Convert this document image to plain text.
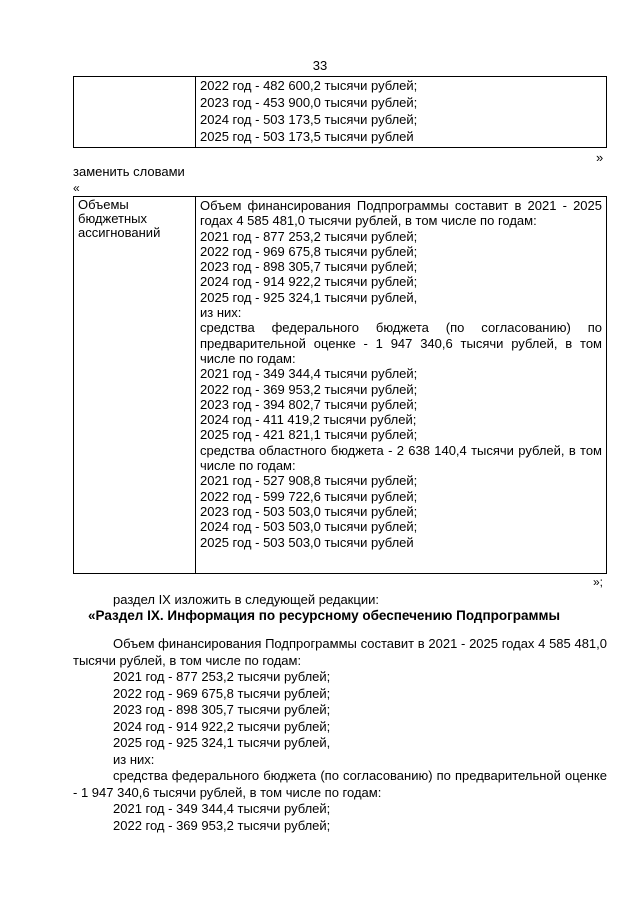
33
2022 год - 482 600,2 тысячи рублей;
2023 год - 453 900,0 тысячи рублей;
2024 год - 503 173,5 тысячи рублей;
2025 год - 503 173,5 тысячи рублей
»
заменить словами
«
Объемы бюджетных ассигнований
Объем финансирования Подпрограммы составит в 2021 - 2025 годах 4 585 481,0 тысячи рублей, в том числе по годам:
2021 год - 877 253,2 тысячи рублей;
2022 год - 969 675,8 тысячи рублей;
2023 год - 898 305,7 тысячи рублей;
2024 год - 914 922,2 тысячи рублей;
2025 год - 925 324,1 тысячи рублей,
из них:
средства федерального бюджета (по согласованию) по предварительной оценке - 1 947 340,6 тысячи рублей, в том числе по годам:
2021 год - 349 344,4 тысячи рублей;
2022 год - 369 953,2 тысячи рублей;
2023 год - 394 802,7 тысячи рублей;
2024 год - 411 419,2 тысячи рублей;
2025 год - 421 821,1 тысячи рублей;
средства областного бюджета - 2 638 140,4 тысячи рублей, в том числе по годам:
2021 год - 527 908,8 тысячи рублей;
2022 год - 599 722,6 тысячи рублей;
2023 год - 503 503,0 тысячи рублей;
2024 год - 503 503,0 тысячи рублей;
2025 год - 503 503,0 тысячи рублей
»;
раздел IX изложить в следующей редакции:
«Раздел IX. Информация по ресурсному обеспечению Подпрограммы

Объем финансирования Подпрограммы составит в 2021 - 2025 годах 4 585 481,0 тысячи рублей, в том числе по годам:

2021 год - 877 253,2 тысячи рублей;

2022 год - 969 675,8 тысячи рублей;

2023 год - 898 305,7 тысячи рублей;

2024 год - 914 922,2 тысячи рублей;

2025 год - 925 324,1 тысячи рублей,

из них:

средства федерального бюджета (по согласованию) по предварительной оценке - 1 947 340,6 тысячи рублей, в том числе по годам:

2021 год - 349 344,4 тысячи рублей;

2022 год - 369 953,2 тысячи рублей;
